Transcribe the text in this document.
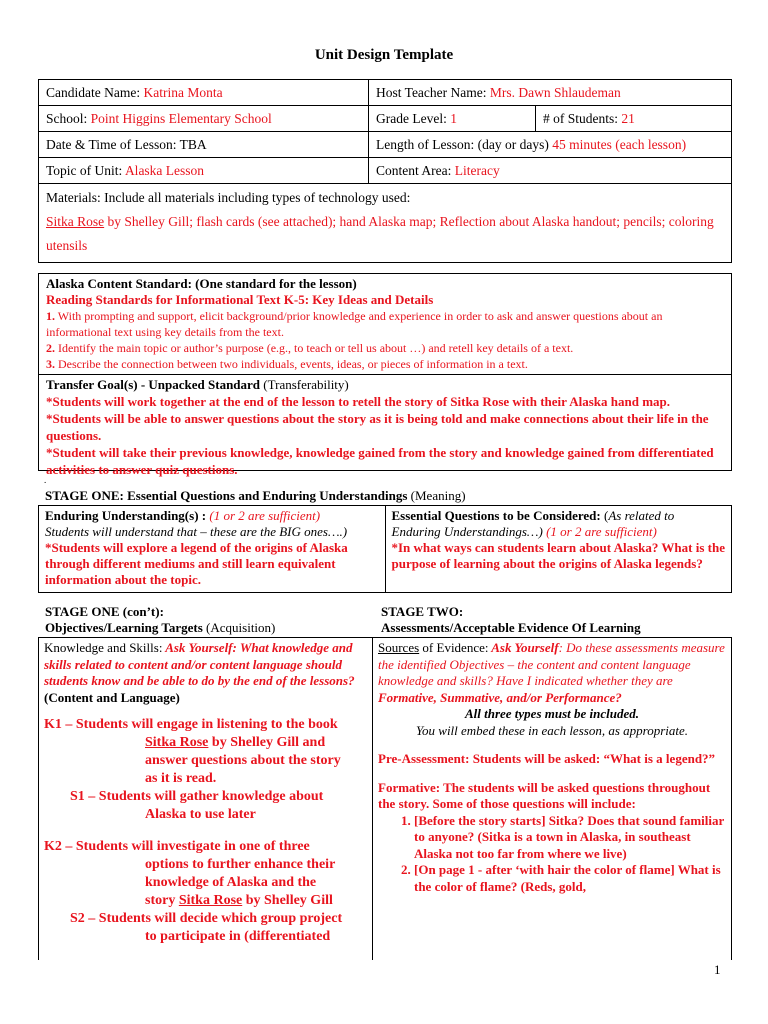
Unit Design Template
Candidate Name: Katrina Monta	Host Teacher Name: Mrs. Dawn Shlaudeman	
School: Point Higgins Elementary School	Grade Level: 1	# of Students: 21
Date & Time of Lesson: TBA	Length of Lesson: (day or days) 45 minutes (each lesson)	
Topic of Unit: Alaska Lesson	Content Area: Literacy	

Materials: Include all materials including types of technology used:
Sitka Rose by Shelley Gill; flash cards (see attached); hand Alaska map; Reflection about Alaska handout; pencils; coloring utensils		
Alaska Content Standard: (One standard for the lesson)
Reading Standards for Informational Text K-5: Key Ideas and Details
1. With prompting and support, elicit background/prior knowledge and experience in order to ask and answer questions about an informational text using key details from the text.
2. Identify the main topic or author’s purpose (e.g., to teach or tell us about …) and retell key details of a text.
3. Describe the connection between two individuals, events, ideas, or pieces of information in a text.
Transfer Goal(s) - Unpacked Standard (Transferability)
*Students will work together at the end of the lesson to retell the story of Sitka Rose with their Alaska hand map.
*Students will be able to answer questions about the story as it is being told and make connections about their life in the questions.
*Student will take their previous knowledge, knowledge gained from the story and knowledge gained from differentiated activities to answer quiz questions.
.
STAGE ONE: Essential Questions and Enduring Understandings (Meaning)
Enduring Understanding(s) : (1 or 2 are sufficient)
Students will understand that – these are the BIG ones….)
*Students will explore a legend of the origins of Alaska through different mediums and still learn equivalent information about the topic.

Essential Questions to be Considered: (As related to Enduring Understandings…) (1 or 2 are sufficient)
*In what ways can students learn about Alaska? What is the purpose of learning about the origins of Alaska legends?
STAGE ONE (con’t):
Objectives/Learning Targets (Acquisition)
STAGE TWO:
Assessments/Acceptable Evidence Of Learning
Knowledge and Skills: Ask Yourself: What knowledge and skills related to content and/or content language should students know and be able to do by the end of the lessons? (Content and Language)
K1 – Students will engage in listening to the book
Sitka Rose by Shelley Gill and
answer questions about the story
as it is read.
S1 – Students will gather knowledge about
Alaska to use later
K2 – Students will investigate in one of three
options to further enhance their
knowledge of Alaska and the
story Sitka Rose by Shelley Gill
S2 – Students will decide which group project
to participate in (differentiated

Sources of Evidence: Ask Yourself: Do these assessments measure the identified Objectives – the content and content language knowledge and skills? Have I indicated whether they are Formative, Summative, and/or Performance?
All three types must be included.
You will embed these in each lesson, as appropriate.
Pre-Assessment: Students will be asked: “What is a legend?”
Formative: The students will be asked questions throughout the story. Some of those questions will include:
1. [Before the story starts] Sitka? Does that sound familiar to anyone? (Sitka is a town in Alaska, in southeast Alaska not too far from where we live)
2. [On page 1 - after ‘with hair the color of flame] What is the color of flame? (Reds, gold,
1
